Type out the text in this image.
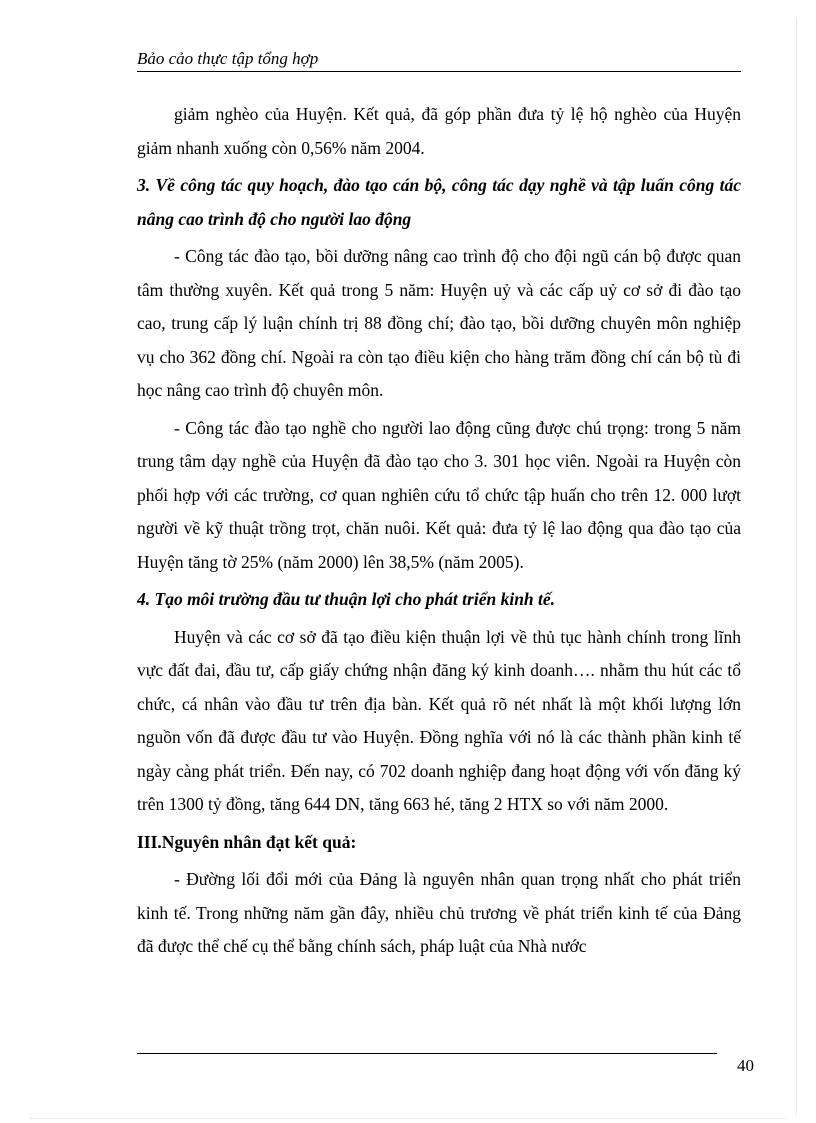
Bảo cảo thực tập tổng hợp

giảm nghèo của Huyện. Kết quả, đã góp phần đưa tỷ lệ hộ nghèo của Huyện giảm nhanh xuống còn 0,56% năm 2004.

3. Về công tác quy hoạch, đào tạo cán bộ, công tác dạy nghề và tập luấn công tác nâng cao trình độ cho người lao động

- Công tác đào tạo, bồi dưỡng nâng cao trình độ cho đội ngũ cán bộ được quan tâm thường xuyên. Kết quả trong 5 năm: Huyện uỷ và các cấp uỷ cơ sở đi đào tạo cao, trung cấp lý luận chính trị 88 đồng chí; đào tạo, bồi dưỡng chuyên môn nghiệp vụ cho 362 đồng chí. Ngoài ra còn tạo điều kiện cho hàng trăm đồng chí cán bộ tù đi học nâng cao trình độ chuyên môn.

- Công tác đào tạo nghề cho người lao động cũng được chú trọng: trong 5 năm trung tâm dạy nghề của Huyện đã đào tạo cho 3. 301 học viên. Ngoài ra Huyện còn phối hợp với các trường, cơ quan nghiên cứu tổ chức tập huấn cho trên 12. 000 lượt người về kỹ thuật trồng trọt, chăn nuôi. Kết quả: đưa tỷ lệ lao động qua đào tạo của Huyện tăng tờ 25% (năm 2000) lên 38,5% (năm 2005).

4. Tạo môi trường đầu tư thuận lợi cho phát triển kinh tế.

Huyện và các cơ sở đã tạo điều kiện thuận lợi về thủ tục hành chính trong lĩnh vực đất đai, đầu tư, cấp giấy chứng nhận đăng ký kinh doanh…. nhằm thu hút các tổ chức, cá nhân vào đầu tư trên địa bàn. Kết quả rõ nét nhất là một khối lượng lớn nguồn vốn đã được đầu tư vào Huyện. Đồng nghĩa với nó là các thành phần kinh tế ngày càng phát triển. Đến nay, có 702 doanh nghiệp đang hoạt động với vốn đăng ký trên 1300 tỷ đồng, tăng 644 DN, tăng 663 hé, tăng 2 HTX so với năm 2000.

III.Nguyên nhân đạt kết quả:

- Đường lối đổi mới của Đảng là nguyên nhân quan trọng nhất cho phát triển kinh tế. Trong những năm gần đây, nhiều chủ trương về phát triển kinh tế của Đảng đã được thể chế cụ thể bằng chính sách, pháp luật của Nhà nước

40
